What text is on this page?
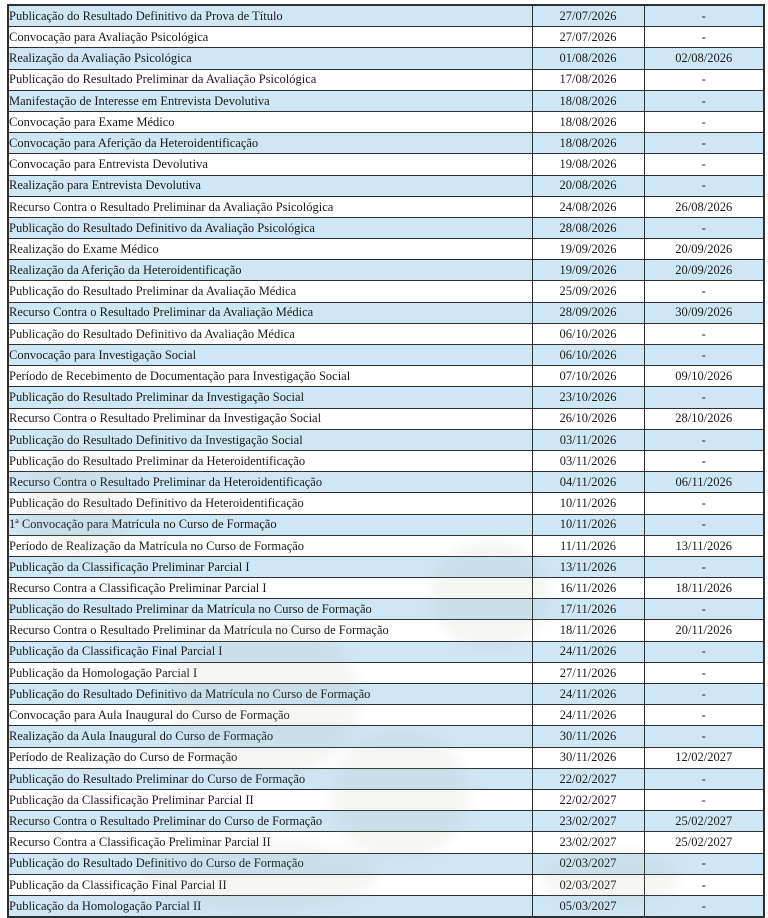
Publicação do Resultado Definitivo da Prova de Título	27/07/2026	-
Convocação para Avaliação Psicológica	27/07/2026	-
Realização da Avaliação Psicológica	01/08/2026	02/08/2026
Publicação do Resultado Preliminar da Avaliação Psicológica	17/08/2026	-
Manifestação de Interesse em Entrevista Devolutiva	18/08/2026	-
Convocação para Exame Médico	18/08/2026	-
Convocação para Aferição da Heteroidentificação	18/08/2026	-
Convocação para Entrevista Devolutiva	19/08/2026	-
Realização para Entrevista Devolutiva	20/08/2026	-
Recurso Contra o Resultado Preliminar da Avaliação Psicológica	24/08/2026	26/08/2026
Publicação do Resultado Definitivo da Avaliação Psicológica	28/08/2026	-
Realização do Exame Médico	19/09/2026	20/09/2026
Realização da Aferição da Heteroidentificação	19/09/2026	20/09/2026
Publicação do Resultado Preliminar da Avaliação Médica	25/09/2026	-
Recurso Contra o Resultado Preliminar da Avaliação Médica	28/09/2026	30/09/2026
Publicação do Resultado Definitivo da Avaliação Médica	06/10/2026	-
Convocação para Investigação Social	06/10/2026	-
Período de Recebimento de Documentação para Investigação Social	07/10/2026	09/10/2026
Publicação do Resultado Preliminar da Investigação Social	23/10/2026	-
Recurso Contra o Resultado Preliminar da Investigação Social	26/10/2026	28/10/2026
Publicação do Resultado Definitivo da Investigação Social	03/11/2026	-
Publicação do Resultado Preliminar da Heteroidentificação	03/11/2026	-
Recurso Contra o Resultado Preliminar da Heteroidentificação	04/11/2026	06/11/2026
Publicação do Resultado Definitivo da Heteroidentificação	10/11/2026	-
1ª Convocação para Matrícula no Curso de Formação	10/11/2026	-
Período de Realização da Matrícula no Curso de Formação	11/11/2026	13/11/2026
Publicação da Classificação Preliminar Parcial I	13/11/2026	-
Recurso Contra a Classificação Preliminar Parcial I	16/11/2026	18/11/2026
Publicação do Resultado Preliminar da Matrícula no Curso de Formação	17/11/2026	-
Recurso Contra o Resultado Preliminar da Matrícula no Curso de Formação	18/11/2026	20/11/2026
Publicação da Classificação Final Parcial I	24/11/2026	-
Publicação da Homologação Parcial I	27/11/2026	-
Publicação do Resultado Definitivo da Matrícula no Curso de Formação	24/11/2026	-
Convocação para Aula Inaugural do Curso de Formação	24/11/2026	-
Realização da Aula Inaugural do Curso de Formação	30/11/2026	-
Período de Realização do Curso de Formação	30/11/2026	12/02/2027
Publicação do Resultado Preliminar do Curso de Formação	22/02/2027	-
Publicação da Classificação Preliminar Parcial II	22/02/2027	-
Recurso Contra o Resultado Preliminar do Curso de Formação	23/02/2027	25/02/2027
Recurso Contra a Classificação Preliminar Parcial II	23/02/2027	25/02/2027
Publicação do Resultado Definitivo do Curso de Formação	02/03/2027	-
Publicação da Classificação Final Parcial II	02/03/2027	-
Publicação da Homologação Parcial II	05/03/2027	-
